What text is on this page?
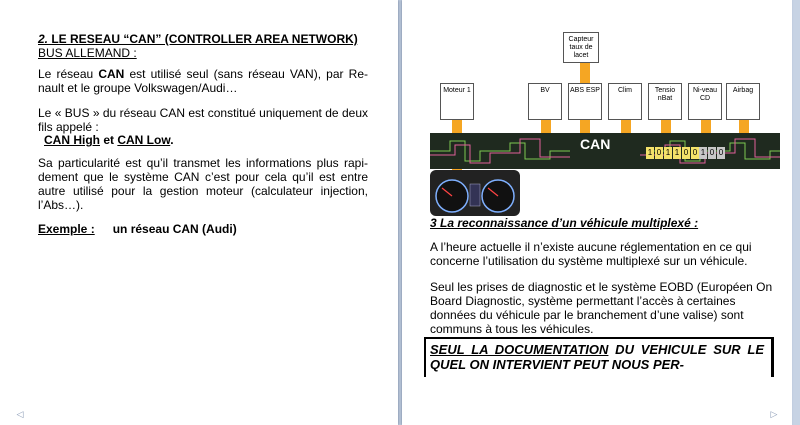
2. LE RESEAU “CAN” (CONTROLLER AREA NETWORK)

BUS ALLEMAND :

Le réseau CAN est utilisé seul (sans réseau VAN), par Re-nault et le groupe Volkswagen/Audi…

Le « BUS » du réseau CAN est constitué uniquement de deux fils appelé :

CAN High et CAN Low.

Sa particularité est qu’il transmet les informations plus rapi-dement que le système CAN c’est pour cela qu’il est entre autre utilisé pour la gestion moteur (calculateur injection, l’Abs…).

Exemple : un réseau CAN (Audi)

◁	▷
Capteur taux de lacet
Moteur 1	BV	ABS ESP	Clim	Tensio nBat
Ni-veau CD
Airbag
CAN
1 0 1 1 0 0 1 0 0

3 La reconnaissance d’un véhicule multiplexé :

A l’heure actuelle il n’existe aucune réglementation en ce qui concerne l’utilisation du système multiplexé sur un véhicule.

Seul les prises de diagnostic et le système EOBD (Européen On Board Diagnostic, système permettant l’accès à certaines données du véhicule par le branchement d’une valise) sont communs à tous les véhicules.

SEUL LA DOCUMENTATION DU VEHICULE SUR LE QUEL ON INTERVIENT PEUT NOUS PER-
